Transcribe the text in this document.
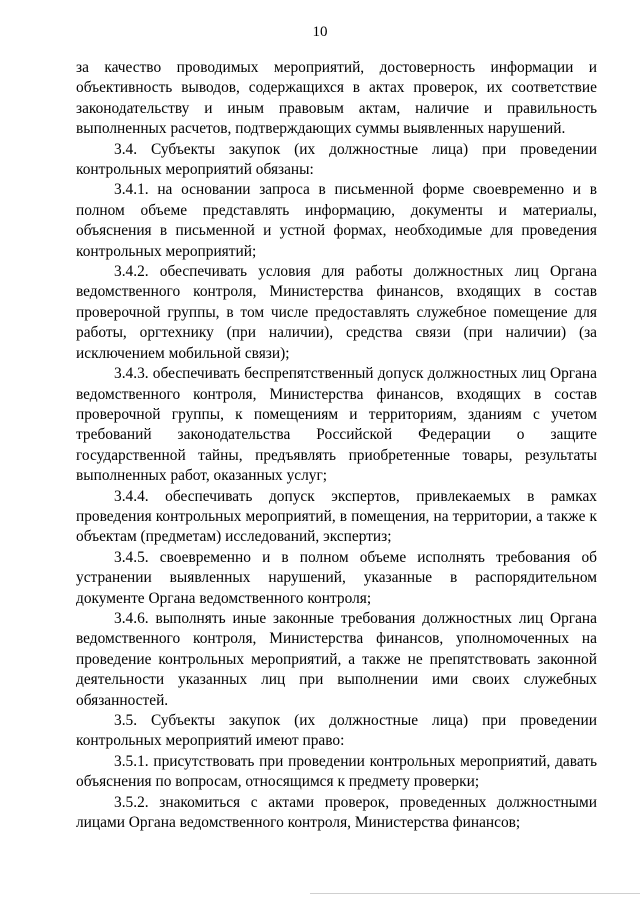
10

за качество проводимых мероприятий, достоверность информации и объективность выводов, содержащихся в актах проверок, их соответствие законодательству и иным правовым актам, наличие и правильность выполненных расчетов, подтверждающих суммы выявленных нарушений.

3.4. Субъекты закупок (их должностные лица) при проведении контрольных мероприятий обязаны:

3.4.1. на основании запроса в письменной форме своевременно и в полном объеме представлять информацию, документы и материалы, объяснения в письменной и устной формах, необходимые для проведения контрольных мероприятий;

3.4.2. обеспечивать условия для работы должностных лиц Органа ведомственного контроля, Министерства финансов, входящих в состав проверочной группы, в том числе предоставлять служебное помещение для работы, оргтехнику (при наличии), средства связи (при наличии) (за исключением мобильной связи);

3.4.3. обеспечивать беспрепятственный допуск должностных лиц Органа ведомственного контроля, Министерства финансов, входящих в состав проверочной группы, к помещениям и территориям, зданиям с учетом требований законодательства Российской Федерации о защите государственной тайны, предъявлять приобретенные товары, результаты выполненных работ, оказанных услуг;

3.4.4. обеспечивать допуск экспертов, привлекаемых в рамках проведения контрольных мероприятий, в помещения, на территории, а также к объектам (предметам) исследований, экспертиз;

3.4.5. своевременно и в полном объеме исполнять требования об устранении выявленных нарушений, указанные в распорядительном документе Органа ведомственного контроля;

3.4.6. выполнять иные законные требования должностных лиц Органа ведомственного контроля, Министерства финансов, уполномоченных на проведение контрольных мероприятий, а также не препятствовать законной деятельности указанных лиц при выполнении ими своих служебных обязанностей.

3.5. Субъекты закупок (их должностные лица) при проведении контрольных мероприятий имеют право:

3.5.1. присутствовать при проведении контрольных мероприятий, давать объяснения по вопросам, относящимся к предмету проверки;

3.5.2. знакомиться с актами проверок, проведенных должностными лицами Органа ведомственного контроля, Министерства финансов;
